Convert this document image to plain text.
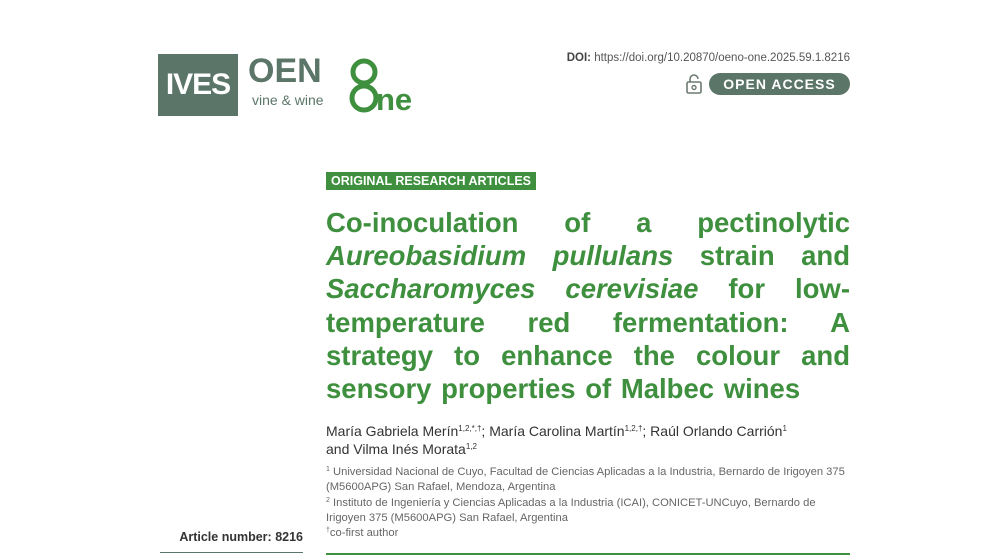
IVES OEN
vine & wine ne
DOI: https://doi.org/10.20870/oeno-one.2025.59.1.8216
OPEN ACCESS
ORIGINAL RESEARCH ARTICLES
Co-inoculation of a pectinolytic Aureobasidium pullulans strain and Saccharomyces cerevisiae for low-temperature red fermentation: A strategy to enhance the colour and sensory properties of Malbec wines
María Gabriela Merín$^{1,2,*,\dagger}$; María Carolina Martín$^{1,2,\dagger}$; Raúl Orlando Carrión$^1$
and Vilma Inés Morata$^{1,2}$
$^1$ Universidad Nacional de Cuyo, Facultad de Ciencias Aplicadas a la Industria, Bernardo de Irigoyen 375 (M5600APG) San Rafael, Mendoza, Argentina
$^2$ Instituto de Ingeniería y Ciencias Aplicadas a la Industria (ICAI), CONICET-UNCuyo, Bernardo de Irigoyen 375 (M5600APG) San Rafael, Argentina
†co-first author
Article number: 8216
